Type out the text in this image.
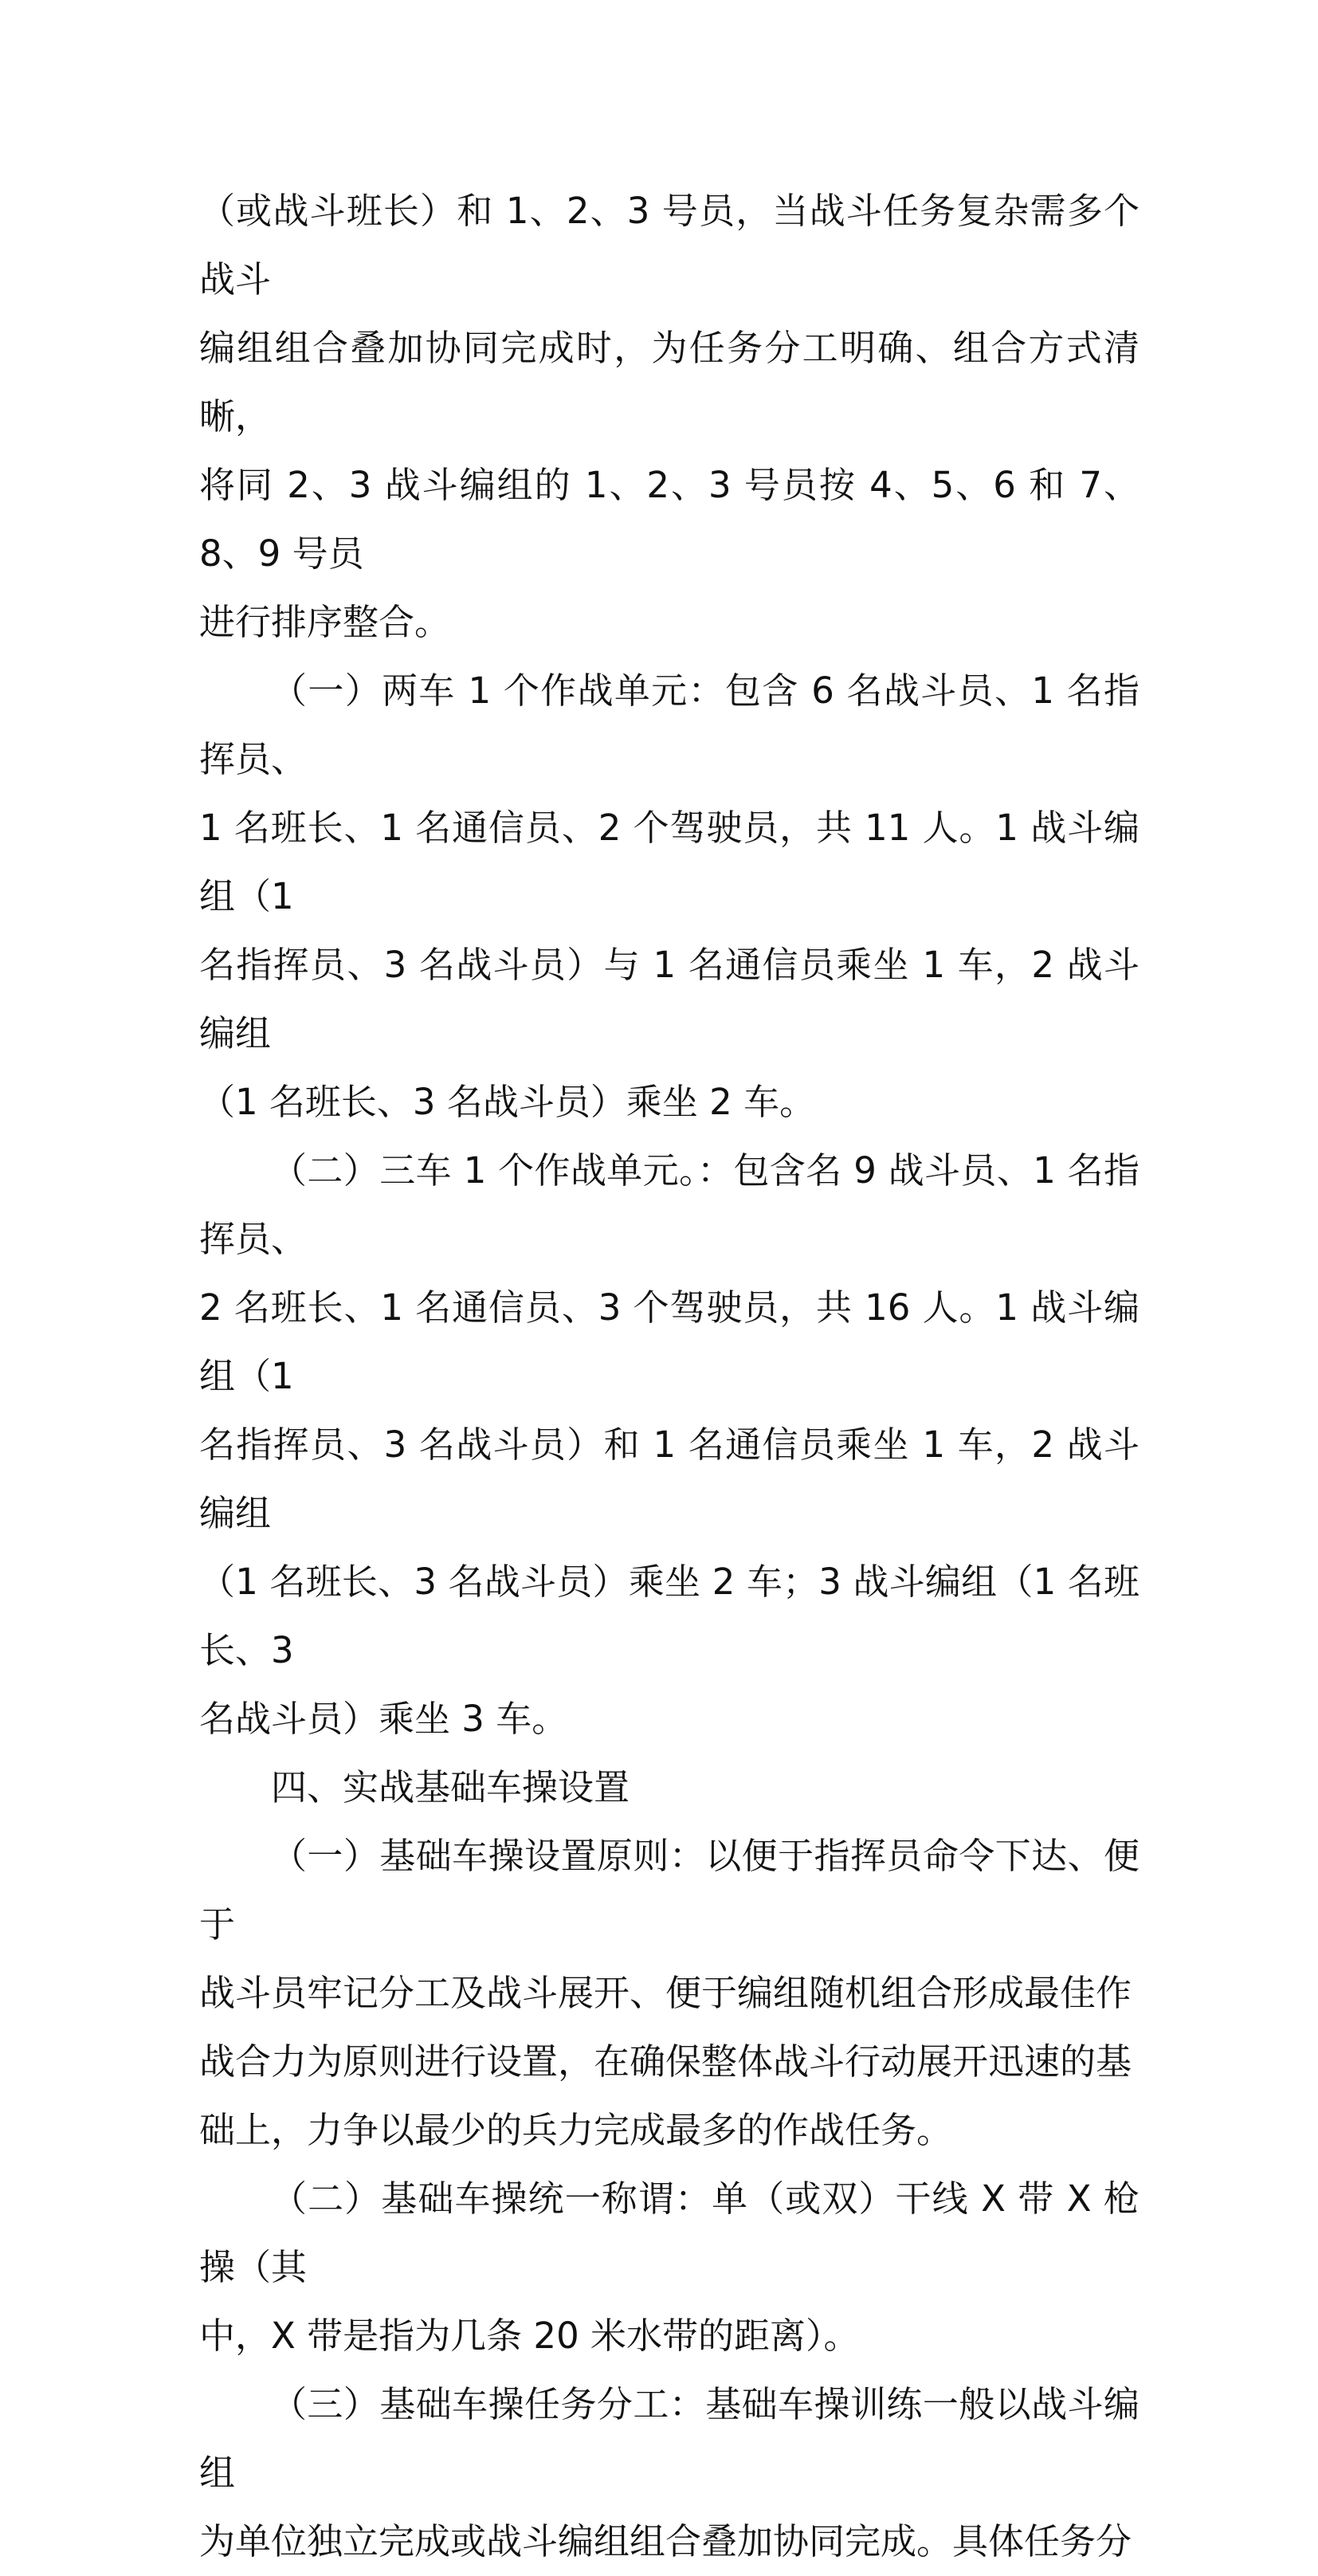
（或战斗班长）和 1、2、3 号员，当战斗任务复杂需多个战斗
编组组合叠加协同完成时，为任务分工明确、组合方式清晰，
将同 2、3 战斗编组的 1、2、3 号员按 4、5、6 和 7、8、9 号员
进行排序整合。
（一）两车 1 个作战单元：包含 6 名战斗员、1 名指挥员、
1 名班长、1 名通信员、2 个驾驶员，共 11 人。1 战斗编组（1
名指挥员、3 名战斗员）与 1 名通信员乘坐 1 车，2 战斗编组
（1 名班长、3 名战斗员）乘坐 2 车。
（二）三车 1 个作战单元。：包含名 9 战斗员、1 名指挥员、
2 名班长、1 名通信员、3 个驾驶员，共 16 人。1 战斗编组（1
名指挥员、3 名战斗员）和 1 名通信员乘坐 1 车，2 战斗编组
（1 名班长、3 名战斗员）乘坐 2 车；3 战斗编组（1 名班长、3
名战斗员）乘坐 3 车。
四、实战基础车操设置
（一）基础车操设置原则：以便于指挥员命令下达、便于
战斗员牢记分工及战斗展开、便于编组随机组合形成最佳作
战合力为原则进行设置，在确保整体战斗行动展开迅速的基
础上，力争以最少的兵力完成最多的作战任务。
（二）基础车操统一称谓：单（或双）干线 X 带 X 枪操（其
中，X 带是指为几条 20 米水带的距离）。
（三）基础车操任务分工：基础车操训练一般以战斗编组
为单位独立完成或战斗编组组合叠加协同完成。具体任务分
